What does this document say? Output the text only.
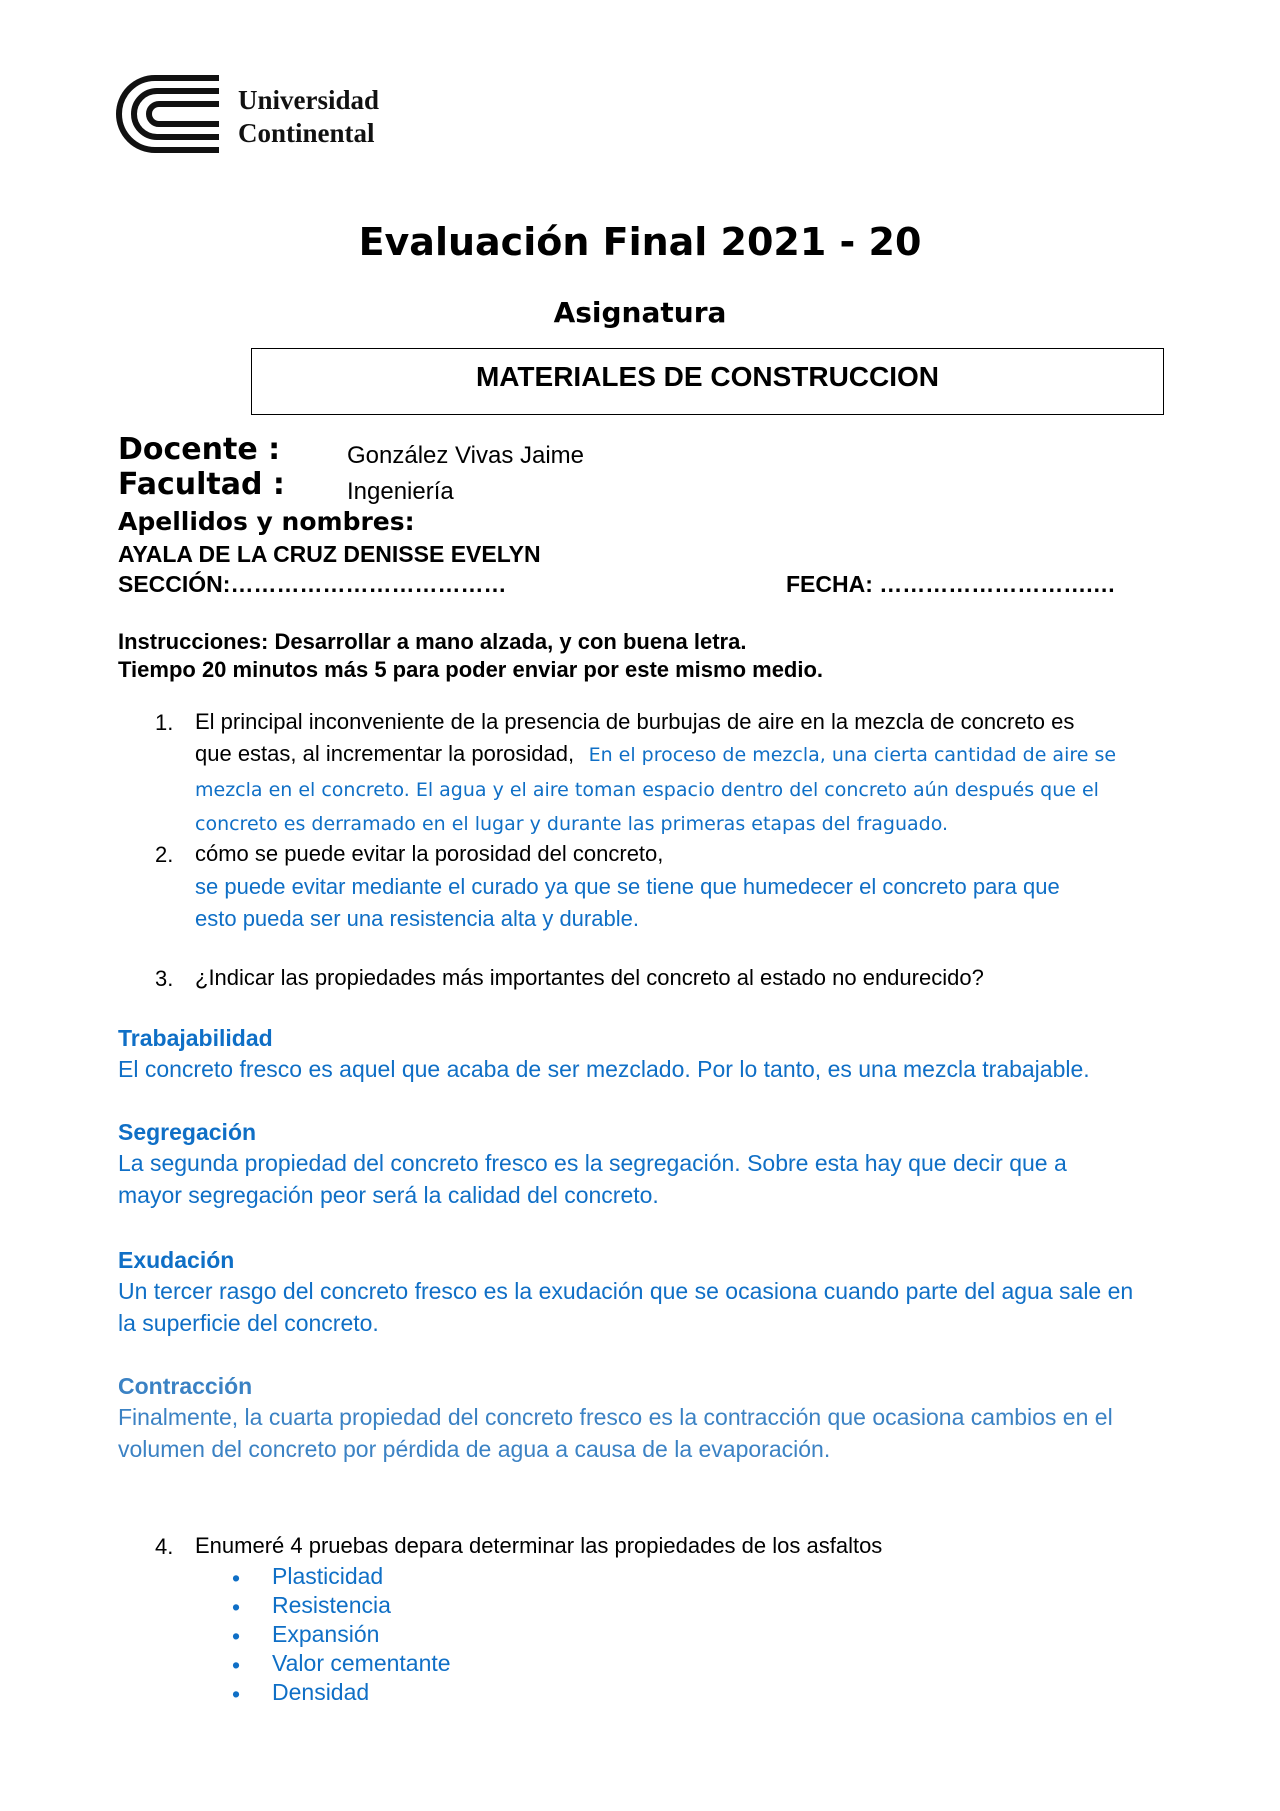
Universidad
Continental
Evaluación Final 2021 - 20
Asignatura
MATERIALES DE CONSTRUCCION
Docente :	González Vivas Jaime
Facultad :	Ingeniería
Apellidos y nombres:
AYALA DE LA CRUZ DENISSE EVELYN
SECCIÓN:………………………………	FECHA: ……………………….…
Instrucciones: Desarrollar a mano alzada, y con buena letra.
Tiempo 20 minutos más 5 para poder enviar por este mismo medio.
1. El principal inconveniente de la presencia de burbujas de aire en la mezcla de concreto es
que estas, al incrementar la porosidad, En el proceso de mezcla, una cierta cantidad de aire se
mezcla en el concreto. El agua y el aire toman espacio dentro del concreto aún después que el
concreto es derramado en el lugar y durante las primeras etapas del fraguado.
2. cómo se puede evitar la porosidad del concreto,
se puede evitar mediante el curado ya que se tiene que humedecer el concreto para que
esto pueda ser una resistencia alta y durable.
3. ¿Indicar las propiedades más importantes del concreto al estado no endurecido?
Trabajabilidad
El concreto fresco es aquel que acaba de ser mezclado. Por lo tanto, es una mezcla trabajable.
Segregación
La segunda propiedad del concreto fresco es la segregación. Sobre esta hay que decir que a
mayor segregación peor será la calidad del concreto.
Exudación
Un tercer rasgo del concreto fresco es la exudación que se ocasiona cuando parte del agua sale en
la superficie del concreto.
Contracción
Finalmente, la cuarta propiedad del concreto fresco es la contracción que ocasiona cambios en el
volumen del concreto por pérdida de agua a causa de la evaporación.
4. Enumeré 4 pruebas depara determinar las propiedades de los asfaltos
• Plasticidad
• Resistencia
• Expansión
• Valor cementante
• Densidad
